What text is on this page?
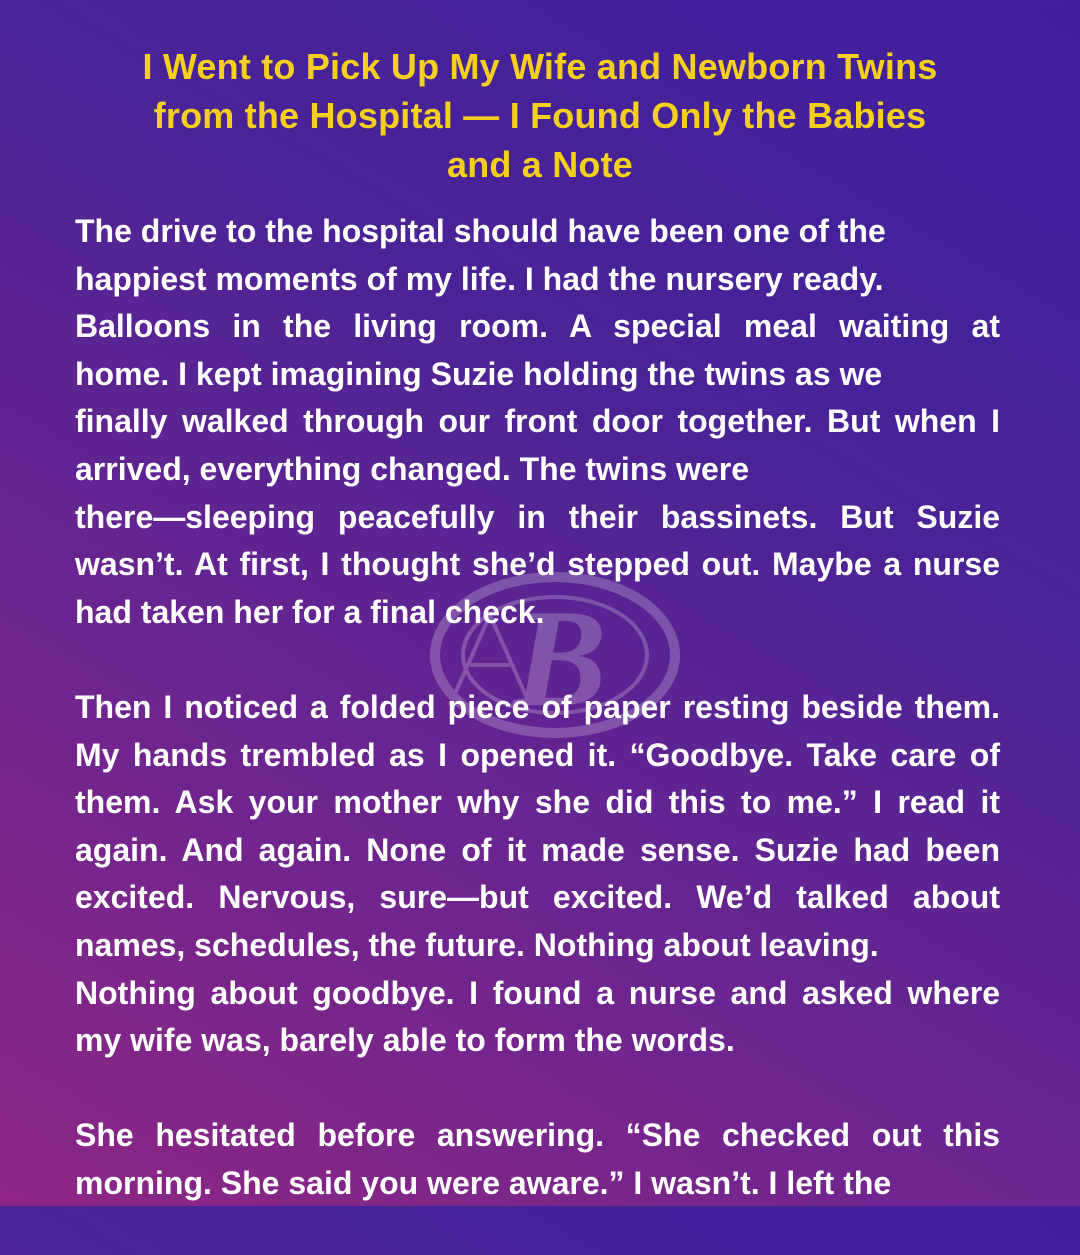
I Went to Pick Up My Wife and Newborn Twins
from the Hospital — I Found Only the Babies
and a Note
B
The drive to the hospital should have been one of the
happiest moments of my life. I had the nursery ready.
Balloons in the living room. A special meal waiting at
home. I kept imagining Suzie holding the twins as we
finally walked through our front door together. But when I
arrived, everything changed. The twins were
there—sleeping peacefully in their bassinets. But Suzie
wasn’t. At first, I thought she’d stepped out. Maybe a nurse
had taken her for a final check.
Then I noticed a folded piece of paper resting beside them.
My hands trembled as I opened it. “Goodbye. Take care of
them. Ask your mother why she did this to me.” I read it
again. And again. None of it made sense. Suzie had been
excited. Nervous, sure—but excited. We’d talked about
names, schedules, the future. Nothing about leaving.
Nothing about goodbye. I found a nurse and asked where
my wife was, barely able to form the words.
She hesitated before answering. “She checked out this
morning. She said you were aware.” I wasn’t. I left the
